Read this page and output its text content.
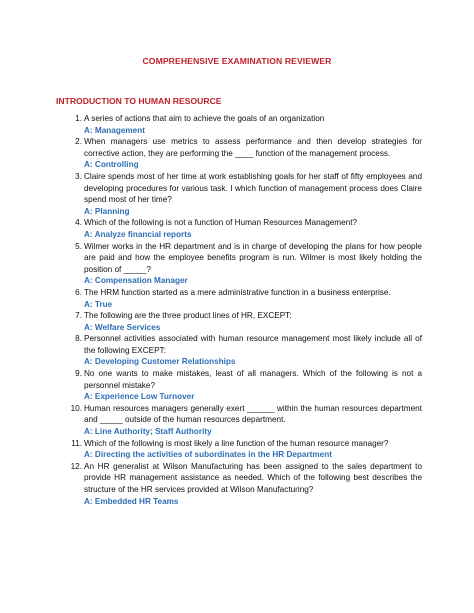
COMPREHENSIVE EXAMINATION REVIEWER
INTRODUCTION TO HUMAN RESOURCE
1. A series of actions that aim to achieve the goals of an organization
A: Management
2. When managers use metrics to assess performance and then develop strategies for corrective action, they are performing the ____ function of the management process.
A: Controlling
3. Claire spends most of her time at work establishing goals for her staff of fifty employees and developing procedures for various task. I which function of management process does Claire spend most of her time?
A: Planning
4. Which of the following is not a function of Human Resources Management?
A: Analyze financial reports
5. Wilmer works in the HR department and is in charge of developing the plans for how people are paid and how the employee benefits program is run. Wilmer is most likely holding the position of _____?
A: Compensation Manager
6. The HRM function started as a mere administrative function in a business enterprise.
A: True
7. The following are the three product lines of HR, EXCEPT:
A: Welfare Services
8. Personnel activities associated with human resource management most likely include all of the following EXCEPT:
A: Developing Customer Relationships
9. No one wants to make mistakes, least of all managers. Which of the following is not a personnel mistake?
A: Experience Low Turnover
10. Human resources managers generally exert ______ within the human resources department and _____ outside of the human resources department.
A: Line Authority; Staff Authority
11. Which of the following is most likely a line function of the human resource manager?
A: Directing the activities of subordinates in the HR Department
12. An HR generalist at Wilson Manufacturing has been assigned to the sales department to provide HR management assistance as needed. Which of the following best describes the structure of the HR services provided at Wilson Manufacturing?
A: Embedded HR Teams
